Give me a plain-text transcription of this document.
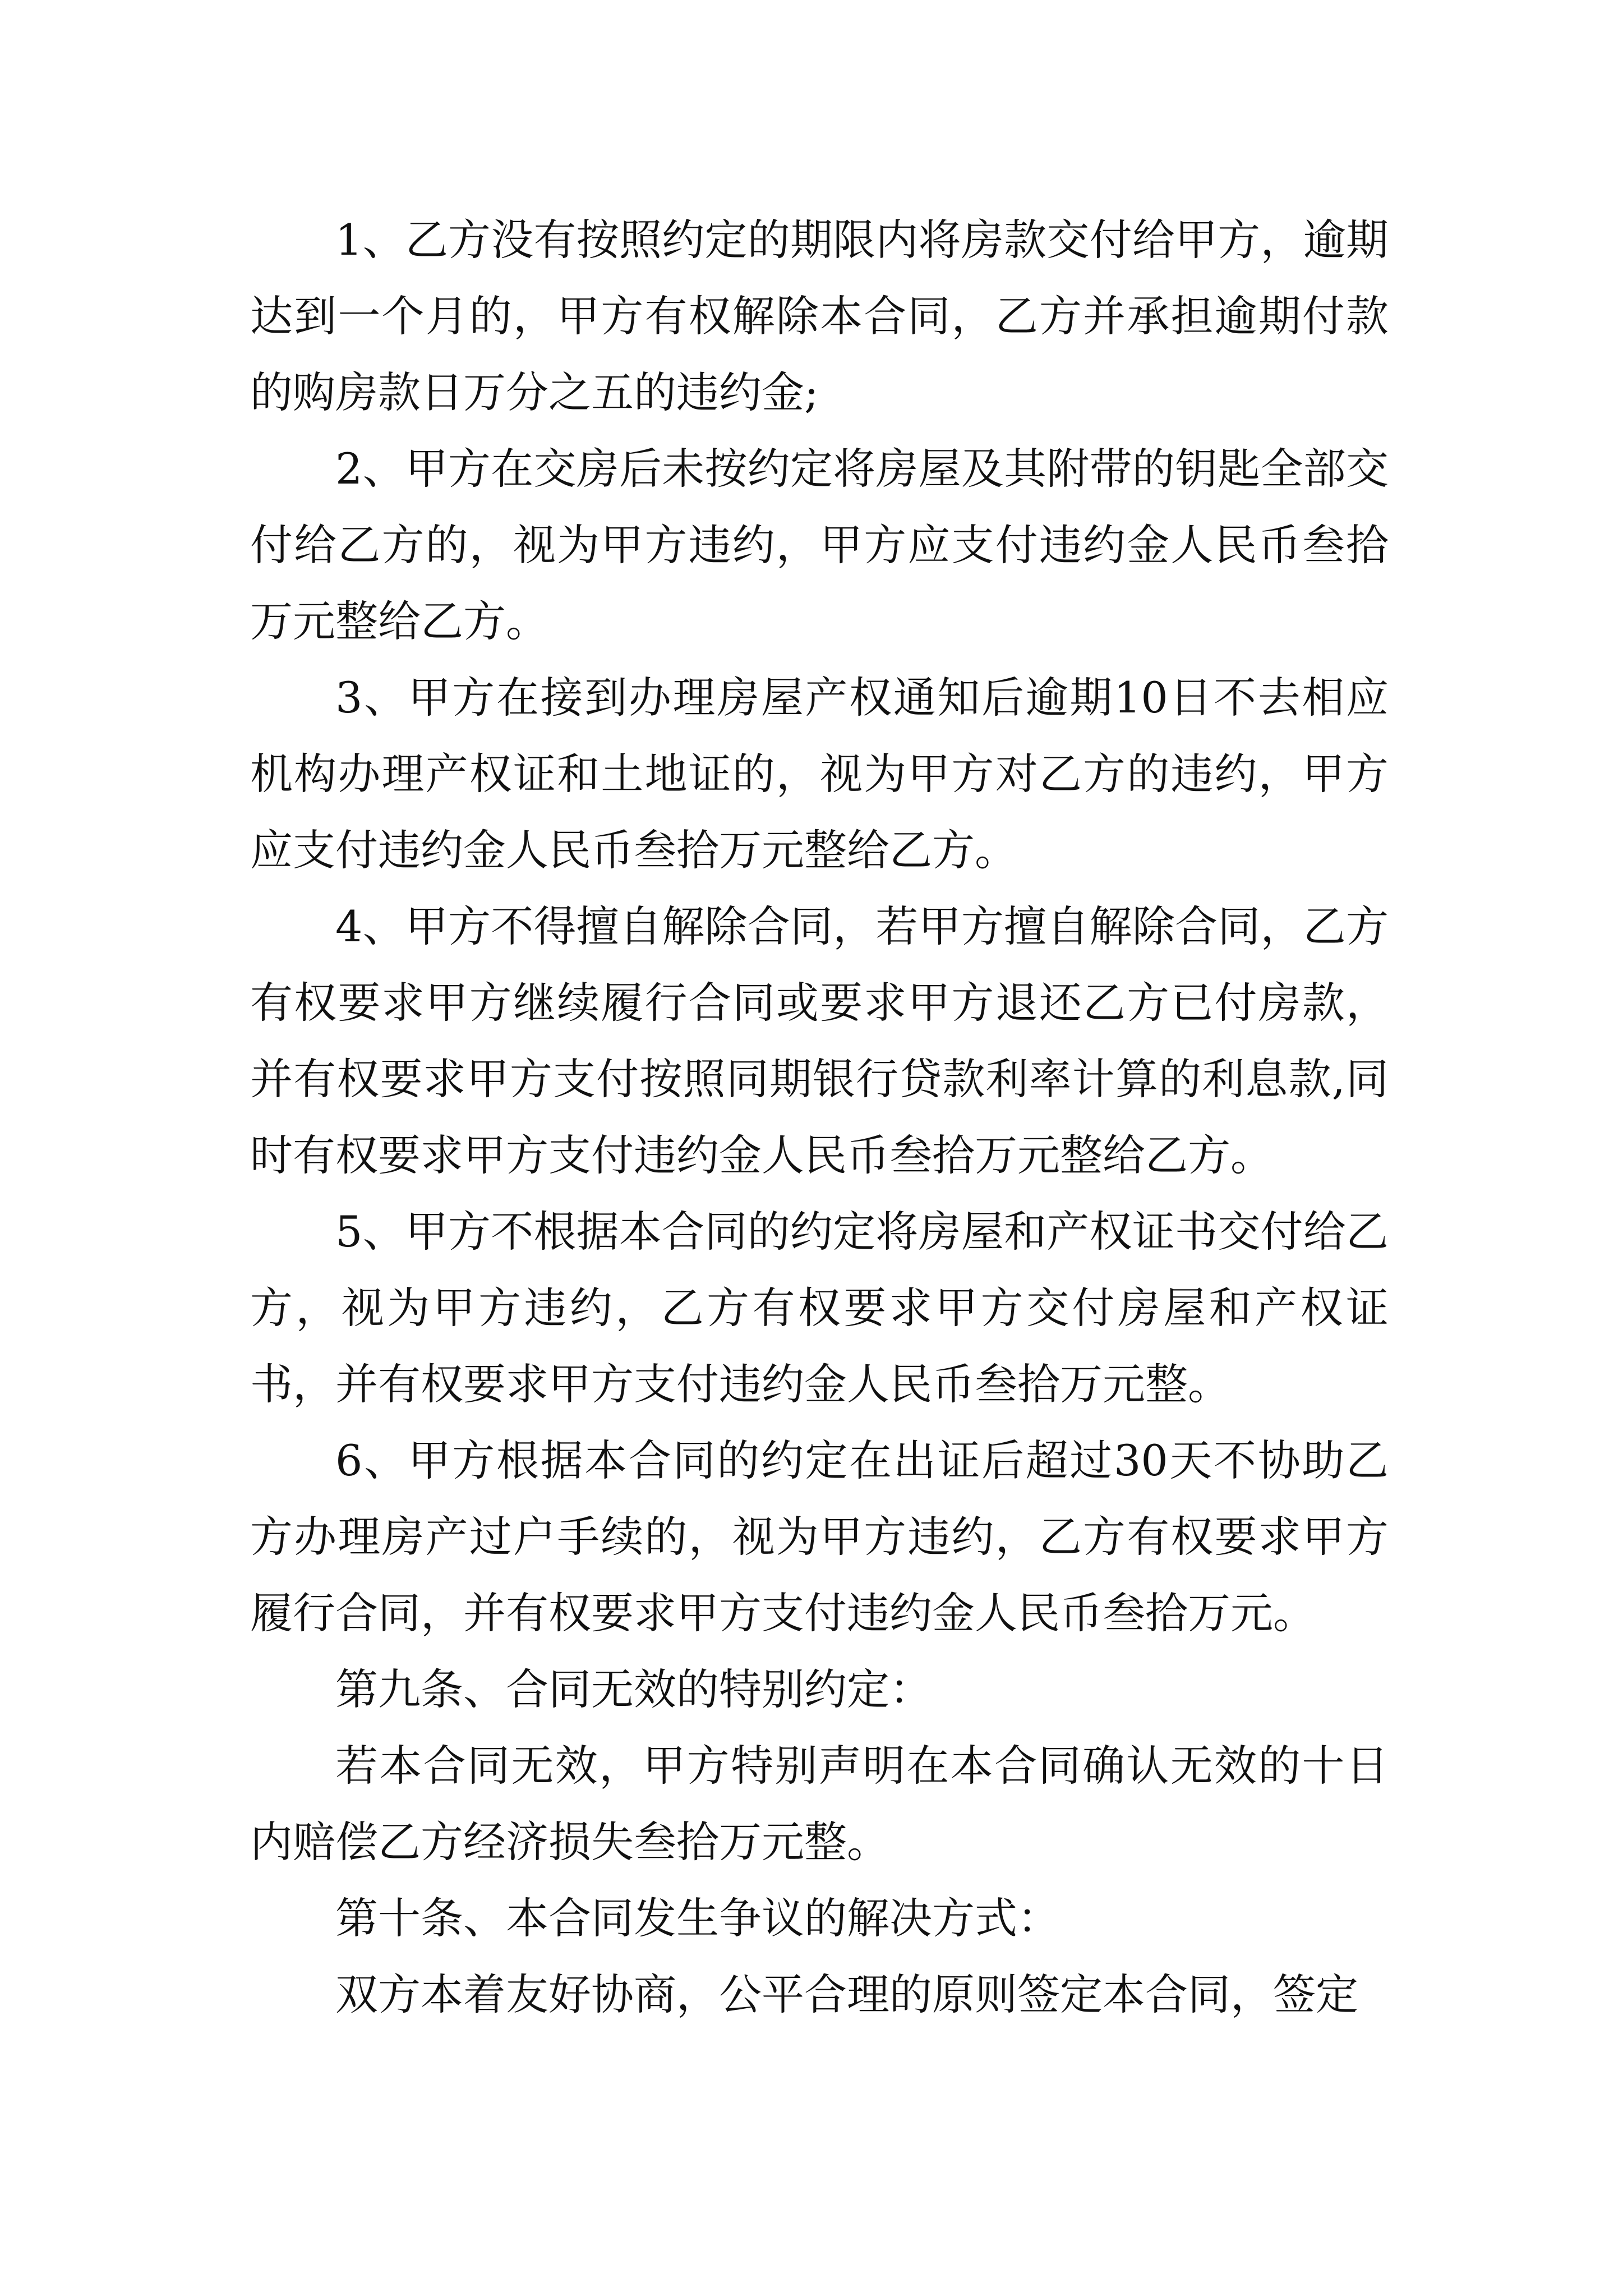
1、乙方没有按照约定的期限内将房款交付给甲方，逾期达到一个月的，甲方有权解除本合同，乙方并承担逾期付款的购房款日万分之五的违约金;

2、甲方在交房后未按约定将房屋及其附带的钥匙全部交付给乙方的，视为甲方违约，甲方应支付违约金人民币叁拾万元整给乙方。

3、甲方在接到办理房屋产权通知后逾期10日不去相应机构办理产权证和土地证的，视为甲方对乙方的违约，甲方应支付违约金人民币叁拾万元整给乙方。

4、甲方不得擅自解除合同，若甲方擅自解除合同，乙方有权要求甲方继续履行合同或要求甲方退还乙方已付房款，并有权要求甲方支付按照同期银行贷款利率计算的利息款,同时有权要求甲方支付违约金人民币叁拾万元整给乙方。

5、甲方不根据本合同的约定将房屋和产权证书交付给乙方，视为甲方违约，乙方有权要求甲方交付房屋和产权证书，并有权要求甲方支付违约金人民币叁拾万元整。

6、甲方根据本合同的约定在出证后超过30天不协助乙方办理房产过户手续的，视为甲方违约，乙方有权要求甲方履行合同，并有权要求甲方支付违约金人民币叁拾万元。

第九条、合同无效的特别约定：

若本合同无效，甲方特别声明在本合同确认无效的十日内赔偿乙方经济损失叁拾万元整。

第十条、本合同发生争议的解决方式：

双方本着友好协商，公平合理的原则签定本合同，签定
